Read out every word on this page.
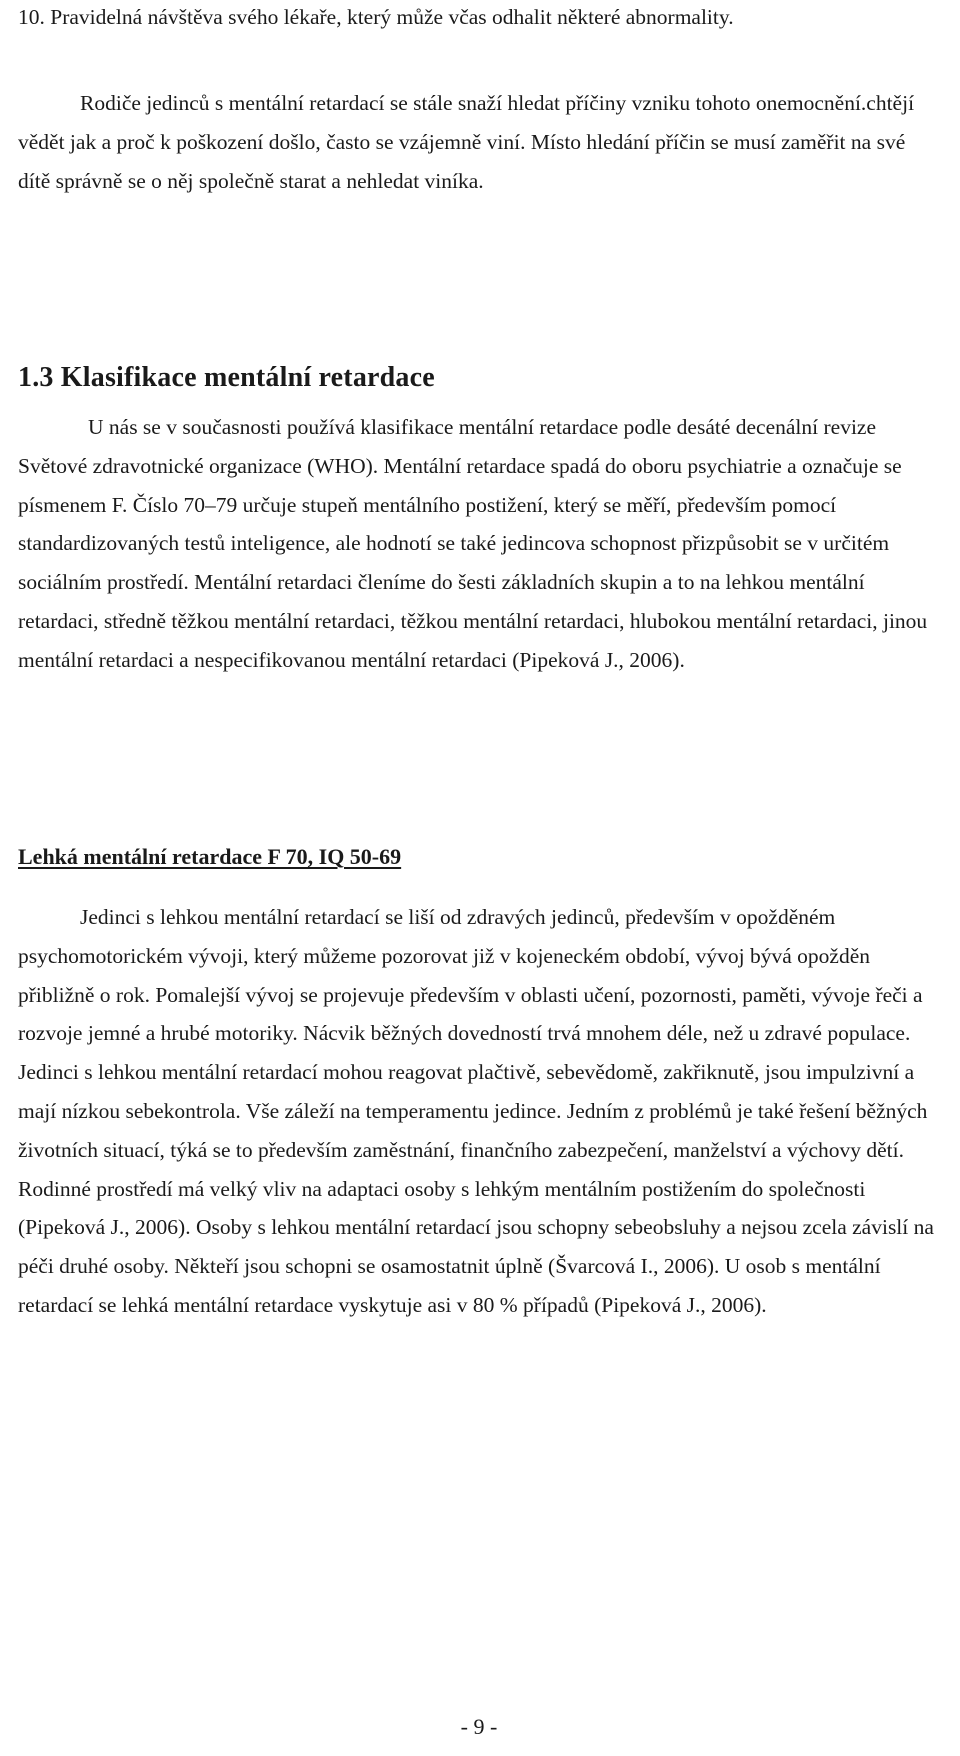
10. Pravidelná návštěva svého lékaře, který může včas odhalit některé abnormality.

Rodiče jedinců s mentální retardací se stále snaží hledat příčiny vzniku tohoto onemocnění.chtějí vědět jak a proč k poškození došlo, často se vzájemně viní. Místo hledání příčin se musí zaměřit na své dítě správně se o něj společně starat a nehledat viníka.

1.3 Klasifikace mentální retardace

U nás se v současnosti používá klasifikace mentální retardace podle desáté decenální revize Světové zdravotnické organizace (WHO). Mentální retardace spadá do oboru psychiatrie a označuje se písmenem F. Číslo 70–79 určuje stupeň mentálního postižení, který se měří, především pomocí standardizovaných testů inteligence, ale hodnotí se také jedincova schopnost přizpůsobit se v určitém sociálním prostředí. Mentální retardaci členíme do šesti základních skupin a to na lehkou mentální retardaci, středně těžkou mentální retardaci, těžkou mentální retardaci, hlubokou mentální retardaci, jinou mentální retardaci a nespecifikovanou mentální retardaci (Pipeková J., 2006).

Lehká mentální retardace F 70, IQ 50-69

Jedinci s lehkou mentální retardací se liší od zdravých jedinců, především v opožděném psychomotorickém vývoji, který můžeme pozorovat již v kojeneckém období, vývoj bývá opožděn přibližně o rok. Pomalejší vývoj se projevuje především v oblasti učení, pozornosti, paměti, vývoje řeči a rozvoje jemné a hrubé motoriky. Nácvik běžných dovedností trvá mnohem déle, než u zdravé populace. Jedinci s lehkou mentální retardací mohou reagovat plačtivě, sebevědomě, zakřiknutě, jsou impulzivní a mají nízkou sebekontrola. Vše záleží na temperamentu jedince. Jedním z problémů je také řešení běžných životních situací, týká se to především zaměstnání, finančního zabezpečení, manželství a výchovy dětí. Rodinné prostředí má velký vliv na adaptaci osoby s lehkým mentálním postižením do společnosti (Pipeková J., 2006). Osoby s lehkou mentální retardací jsou schopny sebeobsluhy a nejsou zcela závislí na péči druhé osoby. Někteří jsou schopni se osamostatnit úplně (Švarcová I., 2006). U osob s mentální retardací se lehká mentální retardace vyskytuje asi v 80 % případů (Pipeková J., 2006).

- 9 -
